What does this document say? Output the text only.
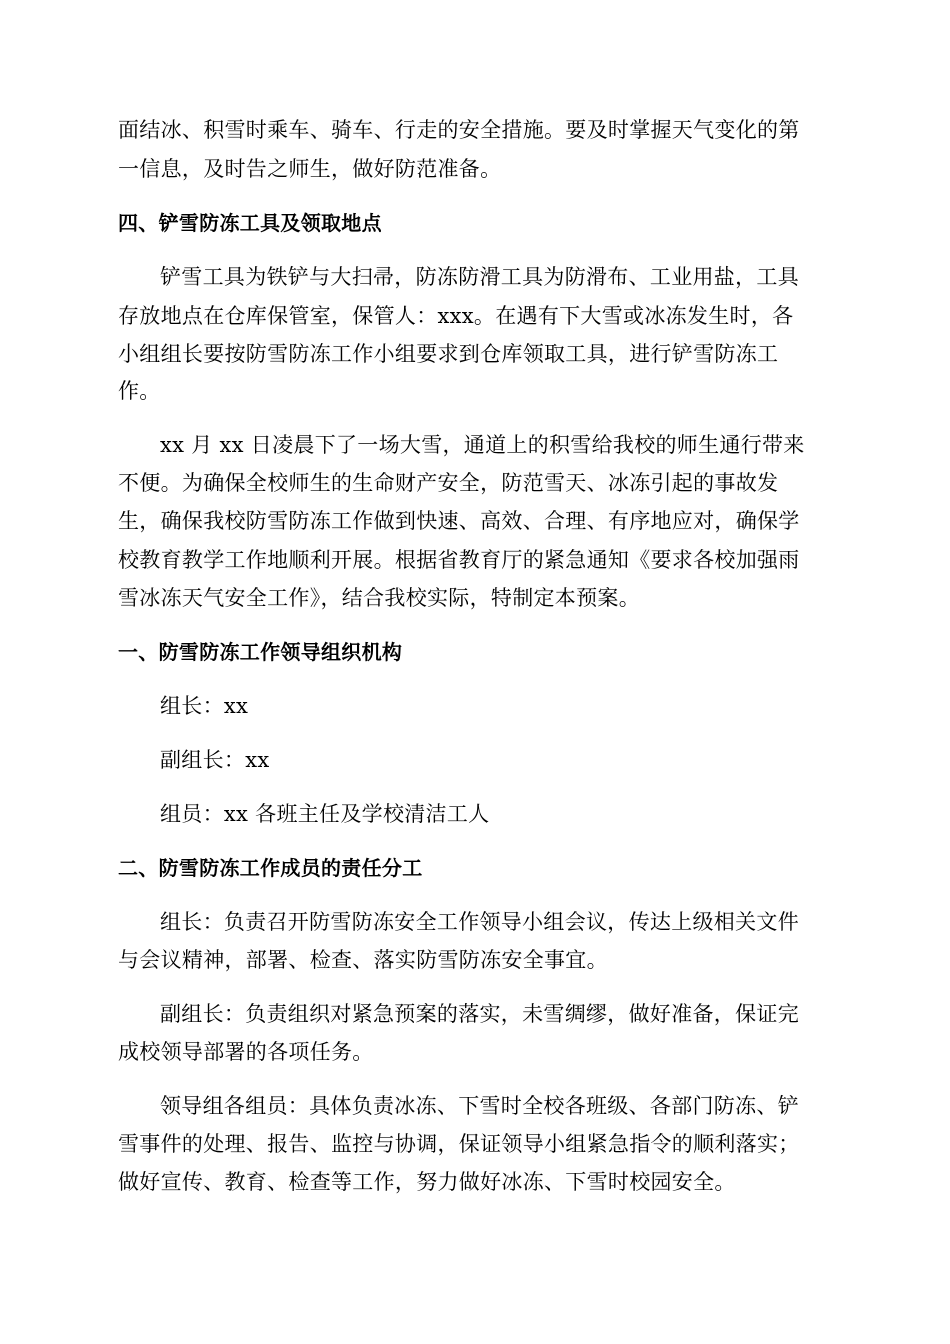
面结冰、积雪时乘车、骑车、行走的安全措施。要及时掌握天气变化的第
一信息，及时告之师生，做好防范准备。
四、铲雪防冻工具及领取地点
铲雪工具为铁铲与大扫帚，防冻防滑工具为防滑布、工业用盐，工具
存放地点在仓库保管室，保管人：xxx。在遇有下大雪或冰冻发生时，各
小组组长要按防雪防冻工作小组要求到仓库领取工具，进行铲雪防冻工
作。
xx 月 xx 日凌晨下了一场大雪，通道上的积雪给我校的师生通行带来
不便。为确保全校师生的生命财产安全，防范雪天、冰冻引起的事故发
生，确保我校防雪防冻工作做到快速、高效、合理、有序地应对，确保学
校教育教学工作地顺利开展。根据省教育厅的紧急通知《要求各校加强雨
雪冰冻天气安全工作》，结合我校实际，特制定本预案。
一、防雪防冻工作领导组织机构
组长：xx
副组长：xx
组员：xx 各班主任及学校清洁工人
二、防雪防冻工作成员的责任分工
组长：负责召开防雪防冻安全工作领导小组会议，传达上级相关文件
与会议精神，部署、检查、落实防雪防冻安全事宜。
副组长：负责组织对紧急预案的落实，未雪绸缪，做好准备，保证完
成校领导部署的各项任务。
领导组各组员：具体负责冰冻、下雪时全校各班级、各部门防冻、铲
雪事件的处理、报告、监控与协调，保证领导小组紧急指令的顺利落实；
做好宣传、教育、检查等工作，努力做好冰冻、下雪时校园安全。
